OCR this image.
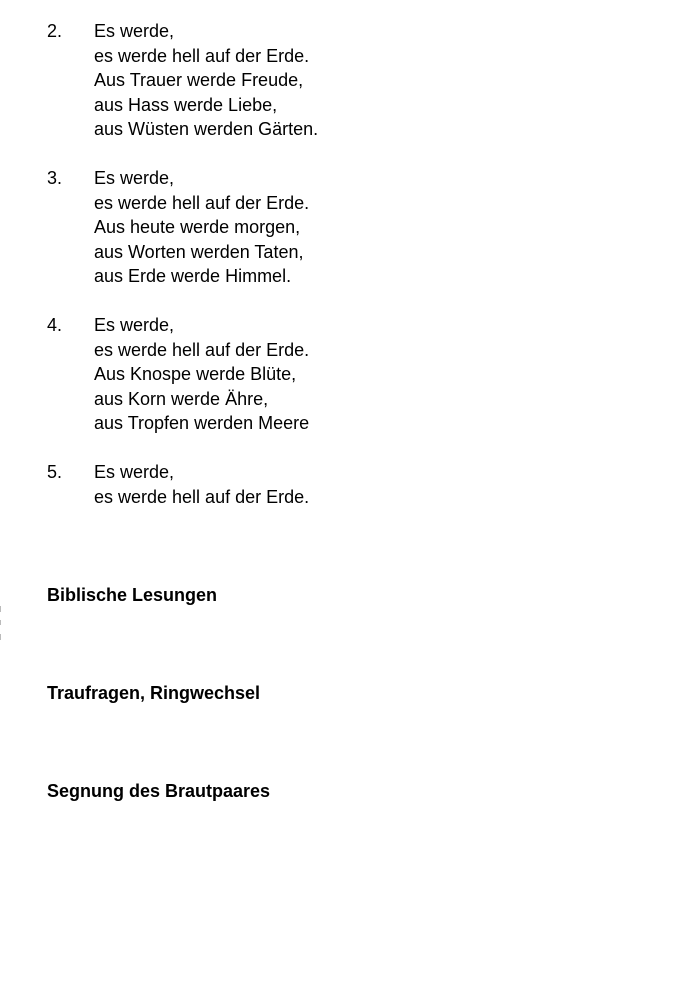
2. Es werde,
es werde hell auf der Erde.
Aus Trauer werde Freude,
aus Hass werde Liebe,
aus Wüsten werden Gärten.
3. Es werde,
es werde hell auf der Erde.
Aus heute werde morgen,
aus Worten werden Taten,
aus Erde werde Himmel.
4. Es werde,
es werde hell auf der Erde.
Aus Knospe werde Blüte,
aus Korn werde Ähre,
aus Tropfen werden Meere
5. Es werde,
es werde hell auf der Erde.
Biblische Lesungen
Traufragen, Ringwechsel
Segnung des Brautpaares
